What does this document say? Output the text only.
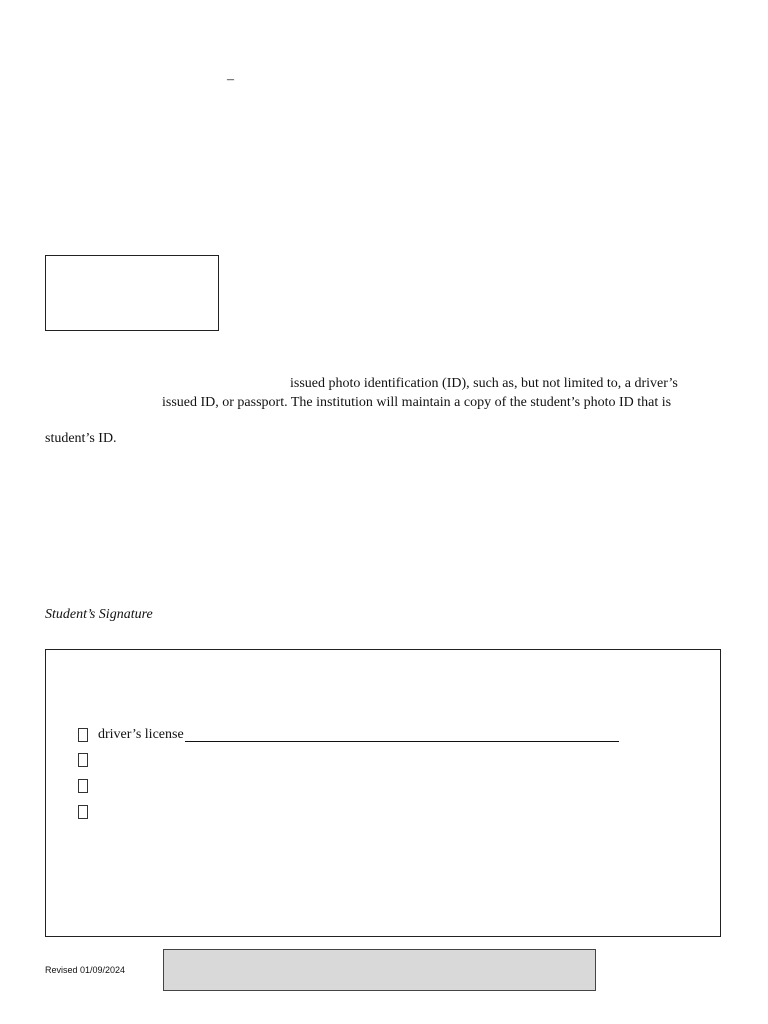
–
issued photo identification (ID), such as, but not limited to, a driver’s
issued ID, or passport. The institution will maintain a copy of the student’s photo ID that is
student’s ID.
Student’s Signature
driver’s license
Revised 01/09/2024
